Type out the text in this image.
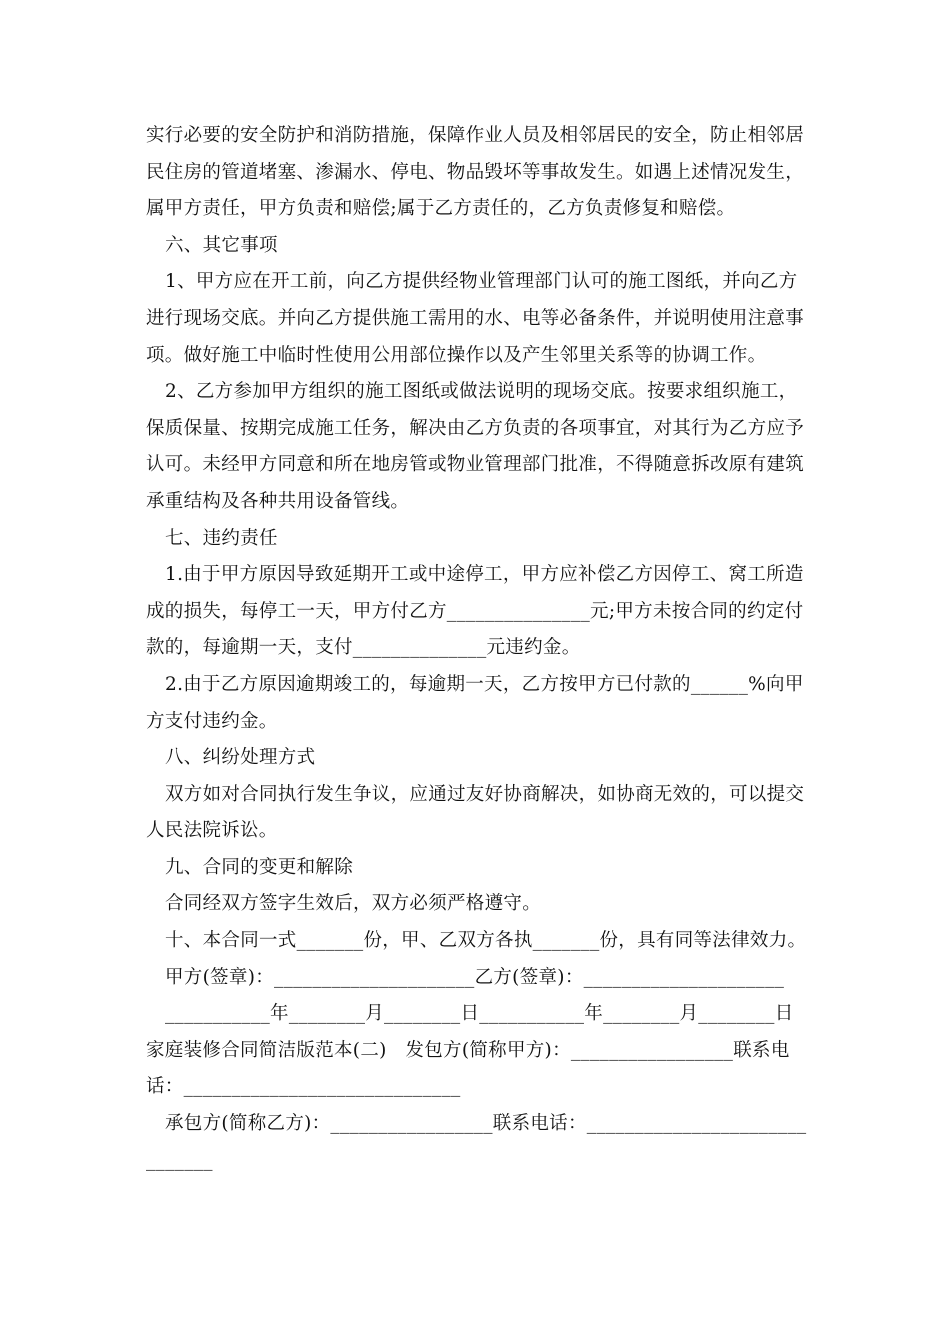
实行必要的安全防护和消防措施，保障作业人员及相邻居民的安全，防止相邻居民住房的管道堵塞、渗漏水、停电、物品毁坏等事故发生。如遇上述情况发生，属甲方责任，甲方负责和赔偿;属于乙方责任的，乙方负责修复和赔偿。

六、其它事项

1、甲方应在开工前，向乙方提供经物业管理部门认可的施工图纸，并向乙方进行现场交底。并向乙方提供施工需用的水、电等必备条件，并说明使用注意事项。做好施工中临时性使用公用部位操作以及产生邻里关系等的协调工作。

2、乙方参加甲方组织的施工图纸或做法说明的现场交底。按要求组织施工，保质保量、按期完成施工任务，解决由乙方负责的各项事宜，对其行为乙方应予认可。未经甲方同意和所在地房管或物业管理部门批准，不得随意拆改原有建筑承重结构及各种共用设备管线。

七、违约责任

1.由于甲方原因导致延期开工或中途停工，甲方应补偿乙方因停工、窝工所造成的损失，每停工一天，甲方付乙方_______________元;甲方未按合同的约定付款的，每逾期一天，支付______________元违约金。

2.由于乙方原因逾期竣工的，每逾期一天，乙方按甲方已付款的______%向甲方支付违约金。

八、纠纷处理方式

双方如对合同执行发生争议，应通过友好协商解决，如协商无效的，可以提交人民法院诉讼。

九、合同的变更和解除

合同经双方签字生效后，双方必须严格遵守。

十、本合同一式_______份，甲、乙双方各执_______份，具有同等法律效力。

甲方(签章)：_____________________乙方(签章)：_____________________

___________年________月________日___________年________月________日

家庭装修合同简洁版范本(二)　发包方(简称甲方)：_________________联系电话：_____________________________

承包方(简称乙方)：_________________联系电话：______________________________
